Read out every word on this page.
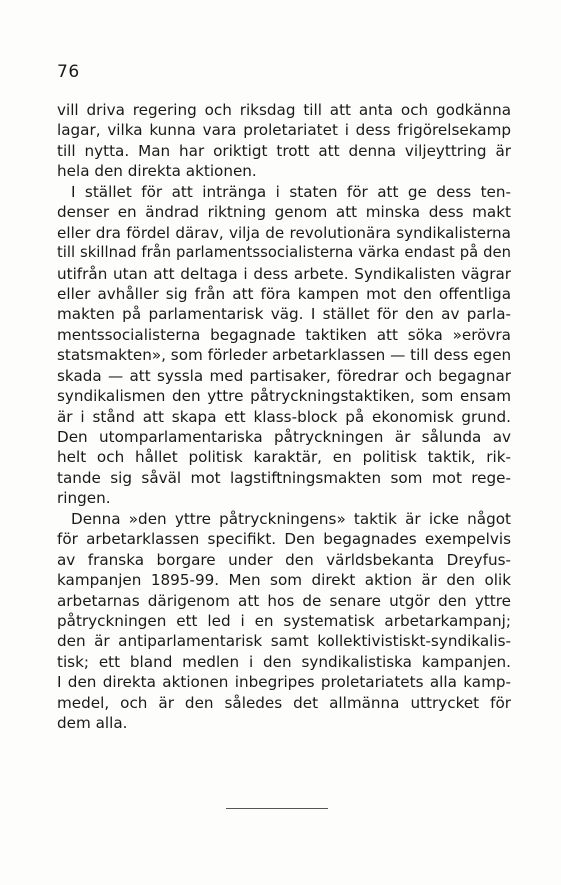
76
vill driva regering och riksdag till att anta och godkänna
lagar, vilka kunna vara proletariatet i dess frigörelsekamp
till nytta. Man har oriktigt trott att denna viljeyttring är
hela den direkta aktionen.
I stället för att intränga i staten för att ge dess ten-
denser en ändrad riktning genom att minska dess makt
eller dra fördel därav, vilja de revolutionära syndikalisterna
till skillnad från parlamentssocialisterna värka endast på den
utifrån utan att deltaga i dess arbete. Syndikalisten vägrar
eller avhåller sig från att föra kampen mot den offentliga
makten på parlamentarisk väg. I stället för den av parla-
mentssocialisterna begagnade taktiken att söka »erövra
statsmakten», som förleder arbetarklassen — till dess egen
skada — att syssla med partisaker, föredrar och begagnar
syndikalismen den yttre påtryckningstaktiken, som ensam
är i stånd att skapa ett klass-block på ekonomisk grund.
Den utomparlamentariska påtryckningen är sålunda av
helt och hållet politisk karaktär, en politisk taktik, rik-
tande sig såväl mot lagstiftningsmakten som mot rege-
ringen.
Denna »den yttre påtryckningens» taktik är icke något
för arbetarklassen specifikt. Den begagnades exempelvis
av franska borgare under den världsbekanta Dreyfus-
kampanjen 1895-99. Men som direkt aktion är den olik
arbetarnas därigenom att hos de senare utgör den yttre
påtryckningen ett led i en systematisk arbetarkampanj;
den är antiparlamentarisk samt kollektivistiskt-syndikalis-
tisk; ett bland medlen i den syndikalistiska kampanjen.
I den direkta aktionen inbegripes proletariatets alla kamp-
medel, och är den således det allmänna uttrycket för
dem alla.
